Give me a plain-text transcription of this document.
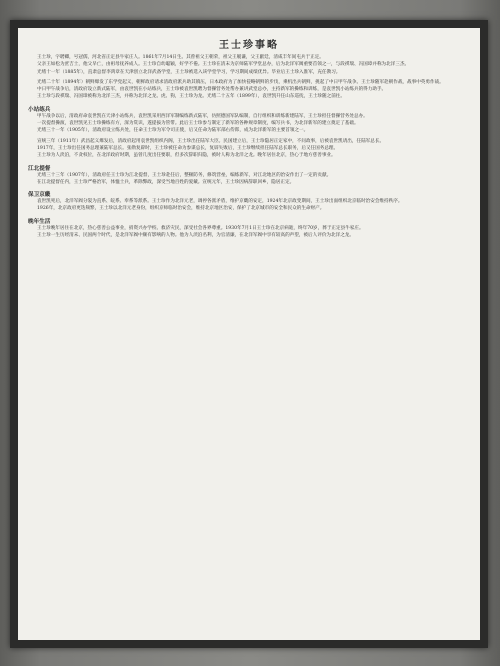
王士珍事略

王士珍，字聘卿，号冠儒，河北省正定县牛家庄人。1861年7月14日生。其曾祖父王朝荣，祖父王履谦，父王献廷，清咸丰年间屯兵于正定。

父亲王如松为庶吉士，他父早亡，由祖母抚养成人。王士珍自幼聪颖，好学不倦。王士珍在清末为京师陆军学堂总办，后为北洋军阀重要首领之一，与段祺瑞、冯国璋并称为北洋三杰。

光绪十一年（1885年），直隶总督李鸿章在天津创立北洋武备学堂，王士珍被选入该学堂学习，学习期间成绩优异。毕业后王士珍入淮军，充任教习。

光绪二十年（1894年）朝鲜爆发了东学党起义，朝鲜政府请求清政府派兵助其镇压，日本政府为了加快侵略朝鲜的步伐，乘机出兵朝鲜，挑起了中日甲午战争。王士珍随军赴朝作战，战事中英勇作战。

中日甲午战争后，清政府设立新式陆军，由袁世凯在小站练兵，王士珍被袁世凯聘为督操营务处帮办兼讲武堂总办，主持新军的操练和训练，是袁世凯小站练兵的得力助手。

王士珍与段祺瑞、冯国璋被称为北洋三杰，并称为北洋之龙、虎、狗，王士珍为龙。光绪二十五年（1899年），袁世凯升任山东巡抚，王士珍随之前往。

小站练兵

甲午战争以后，清政府命袁世凯在天津小站练兵，袁世凯采用西洋军制编练新式陆军，仿照德国军队编制，自行组织和训练新建陆军，王士珍担任督操营务处总办。

一次提督操演，袁世凯见王士珍操练有方，深为赏识，遂提拔为管带。此后王士珍参与制定了新军的各种规章制度，编写兵书，为北洋新军的建立奠定了基础。

光绪三十一年（1905年），清政府设立练兵处，任命王士珍为军令司正使，后又任命为陆军部右侍郎，成为北洋新军的主要首领之一。

宣统三年（1911年）武昌起义爆发后，清政府起用袁世凯组织内阁，王士珍出任陆军大臣。民国建立后，王士珍隐居正定家中，不问政事，后被袁世凯请出，任陆军总长。

1917年，王士珍出任国务总理兼陆军总长。张勋复辟时，王士珍被任命为参谋总长，复辟失败后，王士珍继续担任陆军总长职务，后又任国务总理。

王士珍为人淡泊，不贪权位，在北洋政府时期，虽曾几度出任要职，但多次辞职归隐，被时人称为北洋之龙。晚年居住北京，热心于地方慈善事业。

江北提督

光绪三十三年（1907年），清政府任王士珍为江北提督，王士珍赴任后，整顿防务，修筑营垒，编练新军，对江北地区的治安作出了一定的贡献。

在江北提督任内，王士珍严格治军，体恤士兵，革除弊政，深受当地百姓的爱戴。宣统元年，王士珍因病辞职回乡，隐居正定。

保卫京畿

袁世凯死后，北洋军阀分裂为直系、皖系、奉系等派系。王士珍作为北洋元老，调停各派矛盾，维护京畿的安定，1924年北京政变期间，王士珍出面组织北京临时治安会维持秩序。

1926年，北京政府更迭频繁，王士珍以北洋元老身份，组织京师临时治安会，维持北京地区治安，保护了北京城市的安全和民众的生命财产。

晚年生活

王士珍晚年居住在北京，热心慈善公益事业，捐资兴办学校、救济灾民，深受社会各界尊重。1930年7月1日王士珍在北京病逝，终年70岁，葬于正定县牛家庄。

王士珍一生历经清末、民国两个时代，是北洋军阀中颇有影响的人物。他为人淡泊名利，为官清廉，在北洋军阀中享有较高的声望，被后人评价为北洋之龙。
